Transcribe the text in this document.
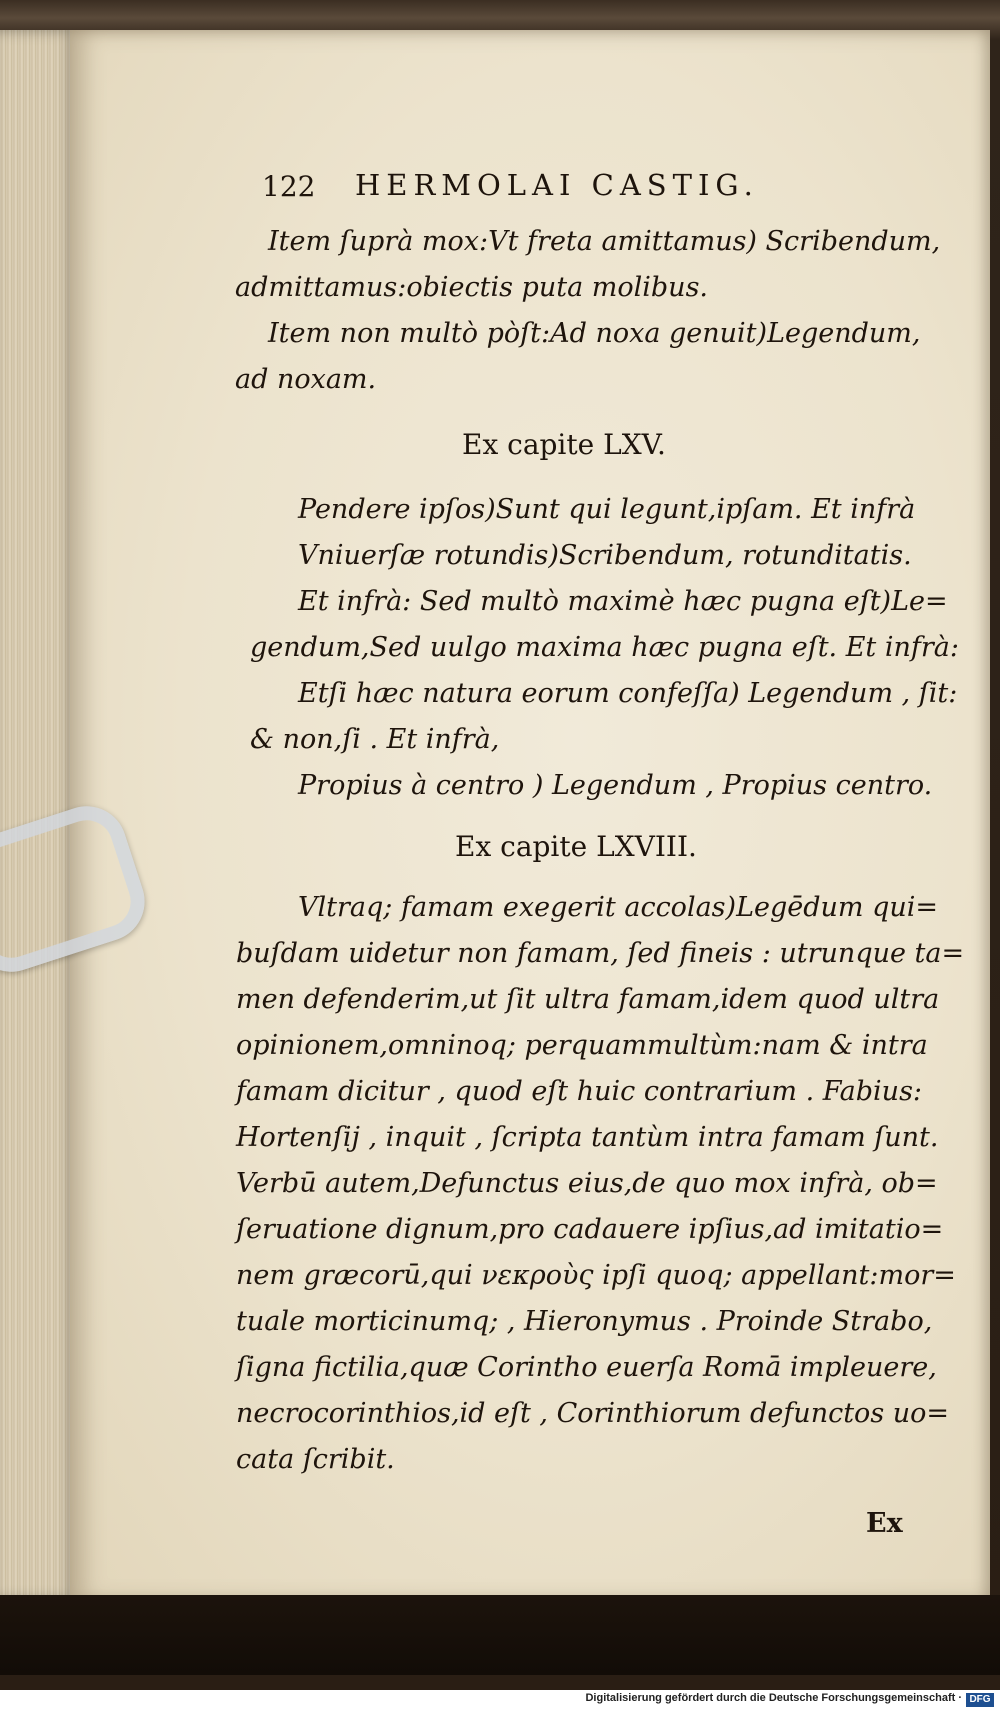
122 HERMOLAI CASTIG.
Item ſuprà mox:Vt freta amittamus) Scribendum,
admittamus:obiectis puta molibus.
Item non multò pòſt:Ad noxa genuit)Legendum,
ad noxam.
Ex capite LXV.
Pendere ipſos)Sunt qui legunt,ipſam. Et infrà
Vniuerſæ rotundis)Scribendum, rotunditatis.
Et infrà: Sed multò maximè hæc pugna eſt)Le=
gendum,Sed uulgo maxima hæc pugna eſt. Et infrà:
Etſi hæc natura eorum confeſſa) Legendum , ſit:
& non,ſi . Et infrà,
Propius à centro ) Legendum , Propius centro.
Ex capite LXVIII.
Vltraq; famam exegerit accolas)Legēdum qui=
buſdam uidetur non famam, ſed fineis : utrunque ta=
men defenderim,ut ſit ultra famam,idem quod ultra
opinionem,omninoq; perquammultùm:nam & intra
famam dicitur , quod eſt huic contrarium . Fabius:
Hortenſij , inquit , ſcripta tantùm intra famam ſunt.
Verbū autem,Defunctus eius,de quo mox infrà, ob=
ſeruatione dignum,pro cadauere ipſius,ad imitatio=
nem græcorū,qui νεκροὺς ipſi quoq; appellant:mor=
tuale morticinumq; , Hieronymus . Proinde Strabo,
ſigna fictilia,quæ Corintho euerſa Romā impleuere,
necrocorinthios,id eſt , Corinthiorum defunctos uo=
cata ſcribit.
Ex
Digitalisierung gefördert durch die Deutsche Forschungsgemeinschaft · DFG
